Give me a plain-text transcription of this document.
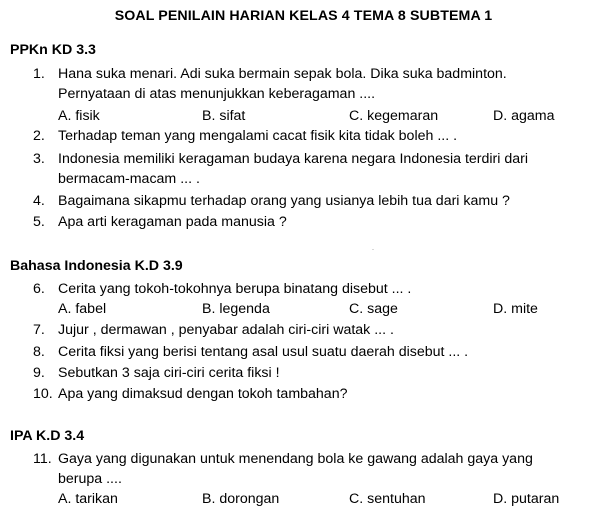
SOAL PENILAIN HARIAN KELAS 4 TEMA 8 SUBTEMA 1
PPKn KD 3.3
1. Hana suka menari. Adi suka bermain sepak bola. Dika suka badminton.
Pernyataan di atas menunjukkan keberagaman ....
A. fisik	B. sifat	C. kegemaran	D. agama
2. Terhadap teman yang mengalami cacat fisik kita tidak boleh ... .
3. Indonesia memiliki keragaman budaya karena negara Indonesia terdiri dari
bermacam-macam ... .
4. Bagaimana sikapmu terhadap orang yang usianya lebih tua dari kamu ?
5. Apa arti keragaman pada manusia ?
Bahasa Indonesia K.D 3.9
6. Cerita yang tokoh-tokohnya berupa binatang disebut ... .
A. fabel	B. legenda	C. sage	D. mite
7. Jujur , dermawan , penyabar adalah ciri-ciri watak ... .
8. Cerita fiksi yang berisi tentang asal usul suatu daerah disebut ... .
9. Sebutkan 3 saja ciri-ciri cerita fiksi !
10. Apa yang dimaksud dengan tokoh tambahan?
IPA K.D 3.4
11. Gaya yang digunakan untuk menendang bola ke gawang adalah gaya yang
berupa ....
A. tarikan	B. dorongan	C. sentuhan	D. putaran
